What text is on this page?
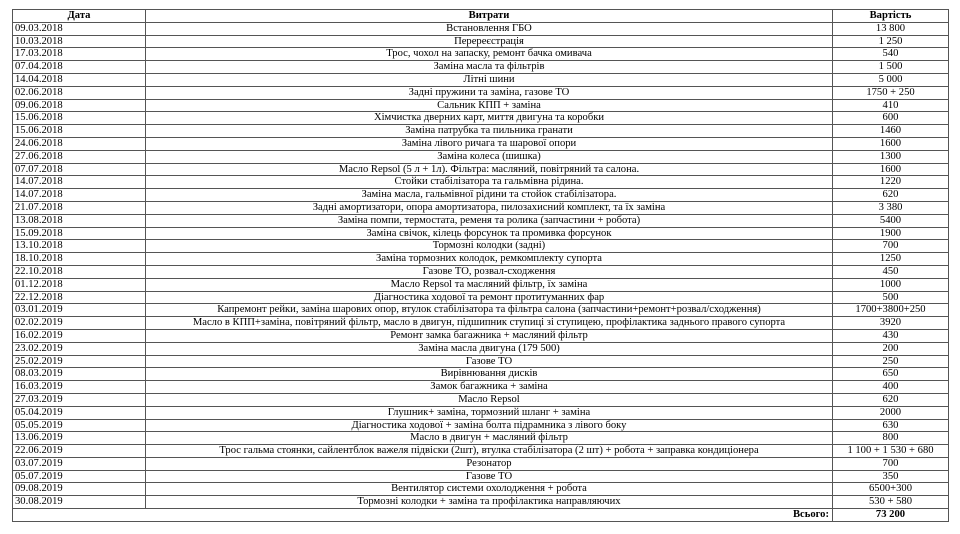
Дата	Витрати	Вартість
09.03.2018	Встановлення ГБО	13 800
10.03.2018	Перереєстрація	1 250
17.03.2018	Трос, чохол на запаску, ремонт бачка омивача	540
07.04.2018	Заміна масла та фільтрів	1 500
14.04.2018	Літні шини	5 000
02.06.2018	Задні пружини та заміна, газове ТО	1750 + 250
09.06.2018	Сальник КПП + заміна	410
15.06.2018	Хімчистка дверних карт, миття двигуна та коробки	600
15.06.2018	Заміна патрубка та пильника гранати	1460
24.06.2018	Заміна лівого ричага та шарової опори	1600
27.06.2018	Заміна колеса (шишка)	1300
07.07.2018	Масло Repsol (5 л + 1л). Фільтра: масляний, повітряний та салона.	1600
14.07.2018	Стойки стабілізатора та гальмівна рідина.	1220
14.07.2018	Заміна масла, гальмівної рідини та стойок стабілізатора.	620
21.07.2018	Задні амортизатори, опора амортизатора, пилозахисний комплект, та їх заміна	3 380
13.08.2018	Заміна помпи, термостата, ременя та ролика (запчастини + робота)	5400
15.09.2018	Заміна свічок, кілець форсунок та промивка форсунок	1900
13.10.2018	Тормозні колодки (задні)	700
18.10.2018	Заміна тормозних колодок, ремкомплекту супорта	1250
22.10.2018	Газове ТО, розвал-сходження	450
01.12.2018	Масло Repsol та масляний фільтр, їх заміна	1000
22.12.2018	Діагностика ходової та ремонт протитуманних фар	500
03.01.2019	Капремонт рейки, заміна шарових опор, втулок стабілізатора та фільтра салона (запчастини+ремонт+розвал/сходження)	1700+3800+250
02.02.2019	Масло в КПП+заміна, повітряний фільтр, масло в двигун, підшипник ступиці зі ступицею, профілактика заднього правого супорта	3920
16.02.2019	Ремонт замка багажника + масляний фільтр	430
23.02.2019	Заміна масла двигуна (179 500)	200
25.02.2019	Газове ТО	250
08.03.2019	Вирівнювання дисків	650
16.03.2019	Замок багажника + заміна	400
27.03.2019	Масло Repsol	620
05.04.2019	Глушник+ заміна, тормозний шланг + заміна	2000
05.05.2019	Діагностика ходової + заміна болта підрамника з лівого боку	630
13.06.2019	Масло в двигун + масляний фільтр	800
22.06.2019	Трос гальма стоянки, сайлентблок важеля підвіски (2шт), втулка стабілізатора (2 шт) + робота + заправка кондиціонера	1 100 + 1 530 + 680
03.07.2019	Резонатор	700
05.07.2019	Газове ТО	350
09.08.2019	Вентилятор системи охолодження + робота	6500+300
30.08.2019	Тормозні колодки + заміна та профілактика направляючих	530 + 580
	Всього:	73 200
